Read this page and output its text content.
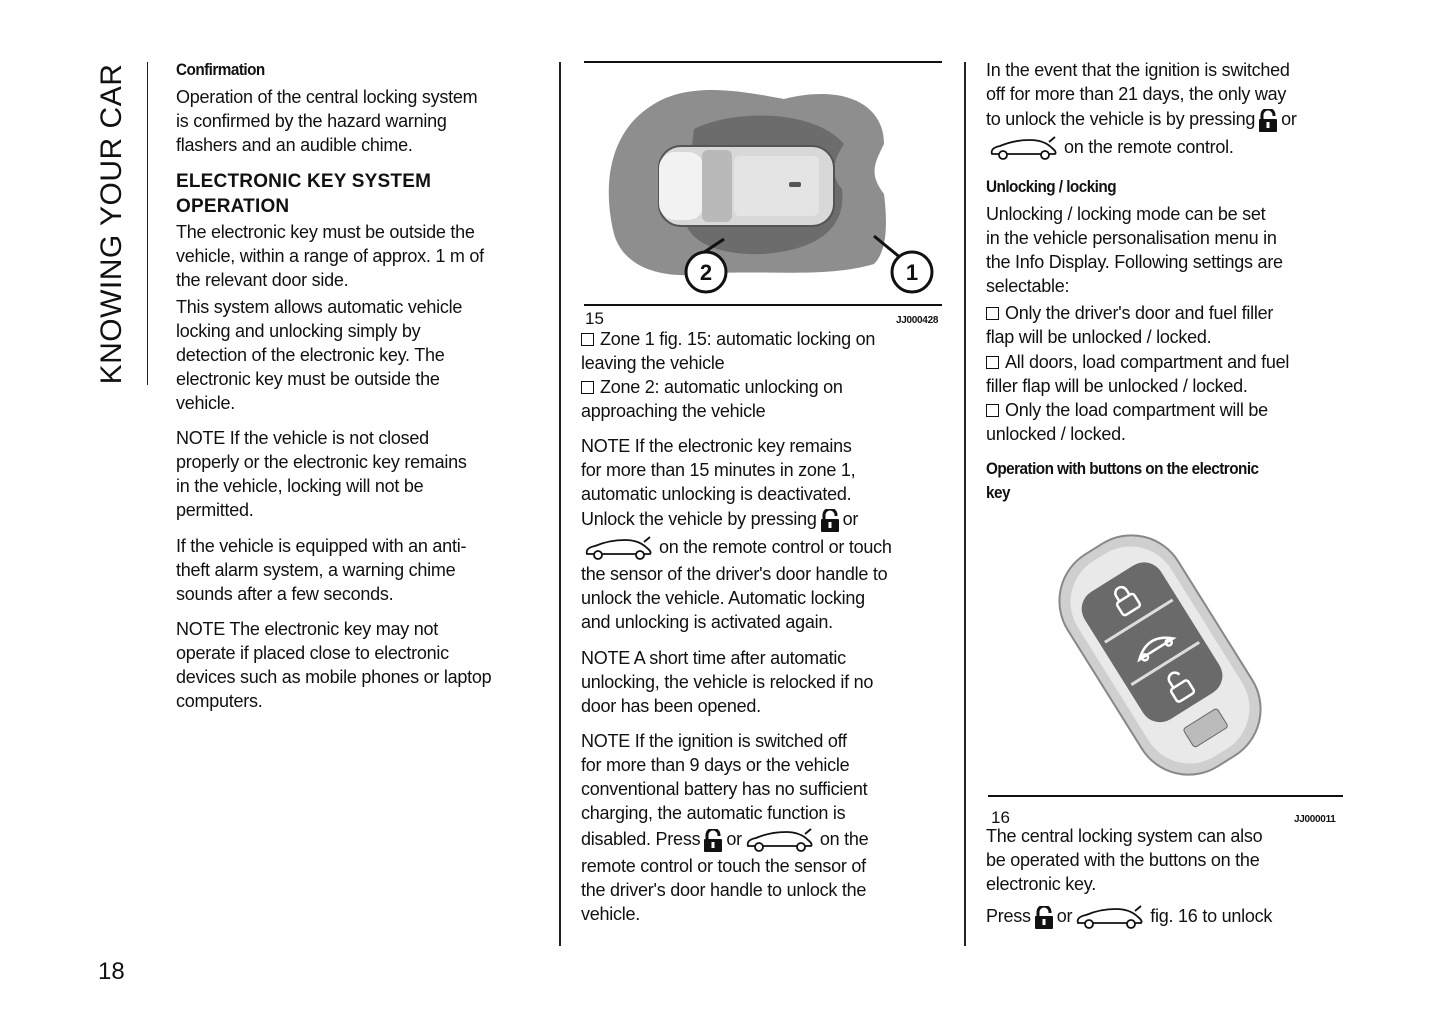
KNOWING YOUR CAR
18
2	1
15	JJ000428
16	JJ000011
Confirmation
Operation of the central locking system
is confirmed by the hazard warning
flashers and an audible chime.
ELECTRONIC KEY SYSTEM
OPERATION
The electronic key must be outside the
vehicle, within a range of approx. 1 m of
the relevant door side.
This system allows automatic vehicle
locking and unlocking simply by
detection of the electronic key. The
electronic key must be outside the
vehicle.
NOTE If the vehicle is not closed
properly or the electronic key remains
in the vehicle, locking will not be
permitted.
If the vehicle is equipped with an anti-
theft alarm system, a warning chime
sounds after a few seconds.
NOTE The electronic key may not
operate if placed close to electronic
devices such as mobile phones or laptop
computers.
Zone 1 fig. 15: automatic locking on
leaving the vehicle
Zone 2: automatic unlocking on
approaching the vehicle
NOTE If the electronic key remains
for more than 15 minutes in zone 1,
automatic unlocking is deactivated.
Unlock the vehicle by pressing or
on the remote control or touch
the sensor of the driver's door handle to
unlock the vehicle. Automatic locking
and unlocking is activated again.
NOTE A short time after automatic
unlocking, the vehicle is relocked if no
door has been opened.
NOTE If the ignition is switched off
for more than 9 days or the vehicle
conventional battery has no sufficient
charging, the automatic function is
disabled. Press or	on the
remote control or touch the sensor of
the driver's door handle to unlock the
vehicle.
In the event that the ignition is switched
off for more than 21 days, the only way
to unlock the vehicle is by pressing or
on the remote control.
Unlocking / locking
Unlocking / locking mode can be set
in the vehicle personalisation menu in
the Info Display. Following settings are
selectable:
Only the driver's door and fuel filler
flap will be unlocked / locked.
All doors, load compartment and fuel
filler flap will be unlocked / locked.
Only the load compartment will be
unlocked / locked.
Operation with buttons on the electronic
key
The central locking system can also
be operated with the buttons on the
electronic key.
Press or	fig. 16 to unlock
